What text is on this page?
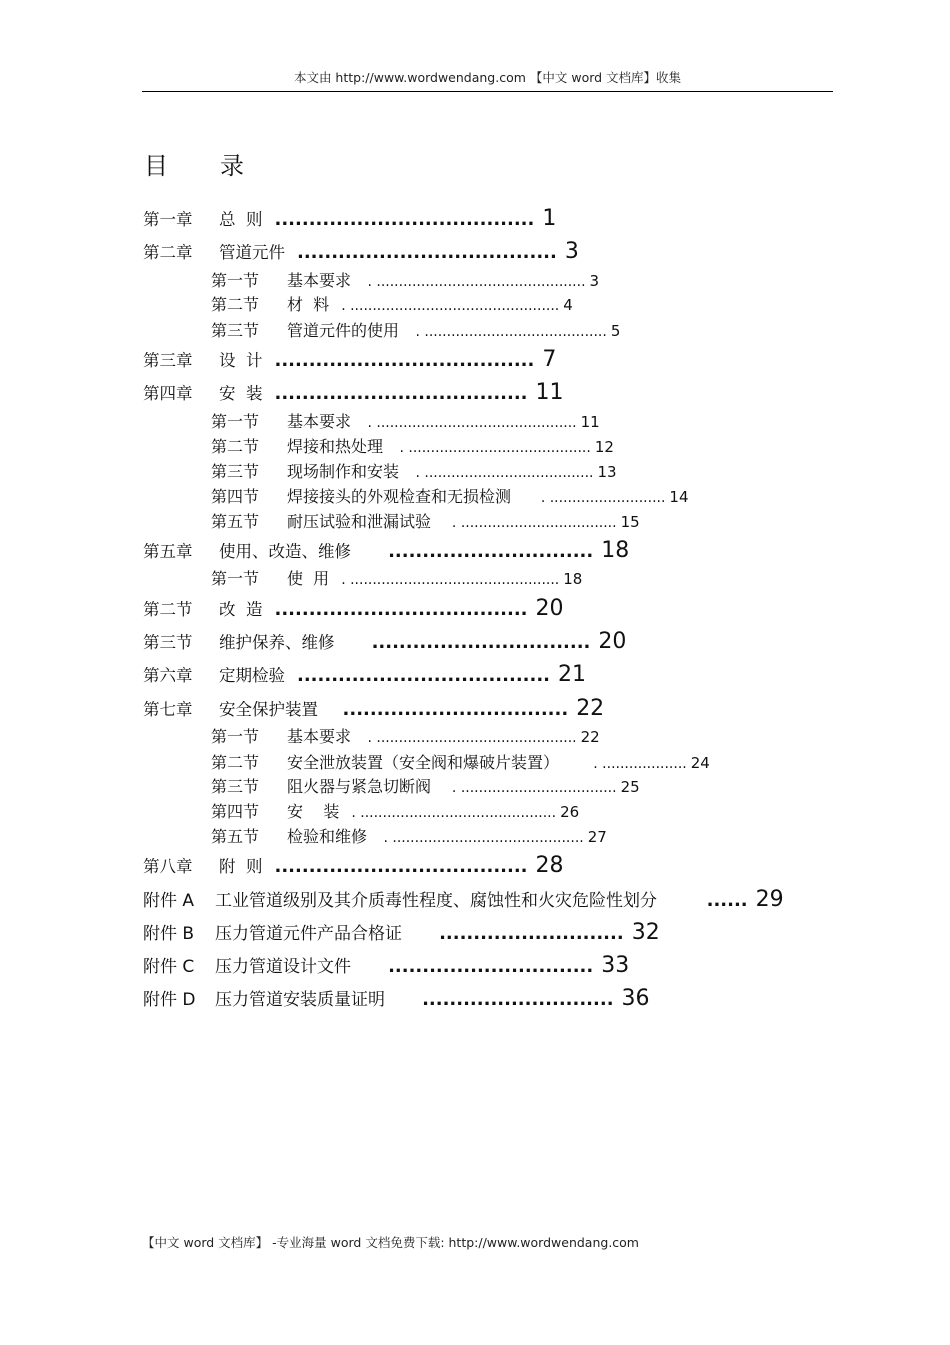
本文由 http://www.wordwendang.com 【中文 word 文档库】收集
目 录
第一章 总  则 ...................................... 1
第二章 管道元件 ...................................... 3
第一节 基本要求 . ............................................... 3
第二节 材  料 . ............................................... 4
第三节 管道元件的使用 . ......................................... 5
第三章 设  计 ...................................... 7
第四章 安  装 ..................................... 11
第一节 基本要求 . ............................................. 11
第二节 焊接和热处理 . ......................................... 12
第三节 现场制作和安装 . ...................................... 13
第四节 焊接接头的外观检查和无损检测    . .......................... 14
第五节 耐压试验和泄漏试验  . ................................... 15
第五章 使用、改造、维修    .............................. 18
第一节 使  用 . ............................................... 18
第二节 改  造 ..................................... 20
第三节 维护保养、维修    ................................ 20
第六章 定期检验 ..................................... 21
第七章 安全保护装置  ................................. 22
第一节 基本要求 . ............................................. 22
第二节 安全泄放装置（安全阀和爆破片装置）     . ................... 24
第三节 阻火器与紧急切断阀  . ................................... 25
第四节 安    装 . ............................................ 26
第五节 检验和维修 . ........................................... 27
第八章 附  则 ..................................... 28
附件 A 工业管道级别及其介质毒性程度、腐蚀性和火灾危险性划分      ...... 29
附件 B 压力管道元件产品合格证    ........................... 32
附件 C 压力管道设计文件    .............................. 33
附件 D 压力管道安装质量证明    ............................ 36
【中文 word 文档库】 -专业海量 word 文档免费下载: http://www.wordwendang.com
